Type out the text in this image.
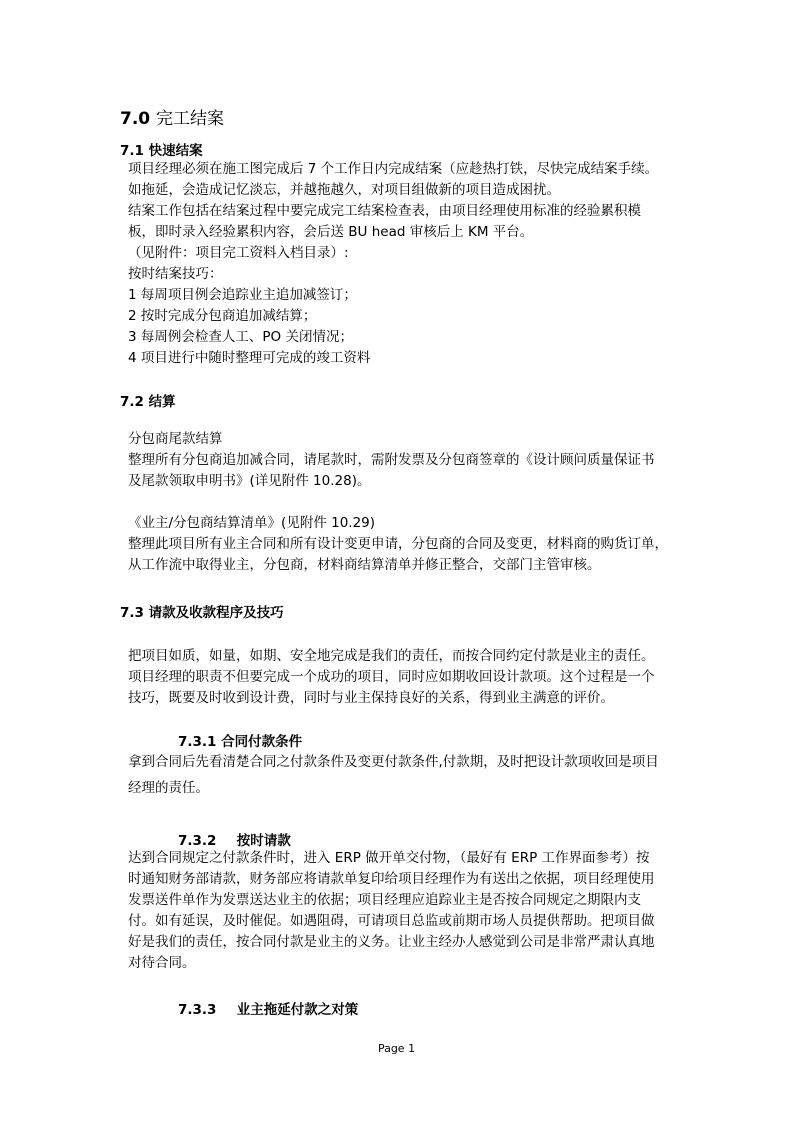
7.0 完工结案
7.1 快速结案
项目经理必须在施工图完成后 7 个工作日内完成结案（应趁热打铁，尽快完成结案手续。
如拖延，会造成记忆淡忘，并越拖越久，对项目组做新的项目造成困扰。
结案工作包括在结案过程中要完成完工结案检查表，由项目经理使用标准的经验累积模
板，即时录入经验累积内容，会后送 BU head 审核后上 KM 平台。
（见附件：项目完工资料入档目录）:
按时结案技巧：
1 每周项目例会追踪业主追加减签订；
2 按时完成分包商追加减结算；
3 每周例会检查人工、PO 关闭情况；
4 项目进行中随时整理可完成的竣工资料
7.2 结算
分包商尾款结算
整理所有分包商追加减合同，请尾款时，需附发票及分包商签章的《设计顾问质量保证书
及尾款领取申明书》(详见附件 10.28)。
《业主/分包商结算清单》(见附件 10.29)
整理此项目所有业主合同和所有设计变更申请，分包商的合同及变更，材料商的购货订单，
从工作流中取得业主，分包商，材料商结算清单并修正整合，交部门主管审核。
7.3 请款及收款程序及技巧
把项目如质，如量，如期、安全地完成是我们的责任，而按合同约定付款是业主的责任。
项目经理的职责不但要完成一个成功的项目，同时应如期收回设计款项。这个过程是一个
技巧，既要及时收到设计费，同时与业主保持良好的关系，得到业主满意的评价。
7.3.1 合同付款条件
拿到合同后先看清楚合同之付款条件及变更付款条件,付款期，及时把设计款项收回是项目
经理的责任。
7.3.2 按时请款
达到合同规定之付款条件时，进入 ERP 做开单交付物，（最好有 ERP 工作界面参考）按
时通知财务部请款，财务部应将请款单复印给项目经理作为有送出之依据，项目经理使用
发票送件单作为发票送达业主的依据；项目经理应追踪业主是否按合同规定之期限内支
付。如有延误，及时催促。如遇阻碍，可请项目总监或前期市场人员提供帮助。把项目做
好是我们的责任，按合同付款是业主的义务。让业主经办人感觉到公司是非常严肃认真地
对待合同。
7.3.3 业主拖延付款之对策
Page 1
